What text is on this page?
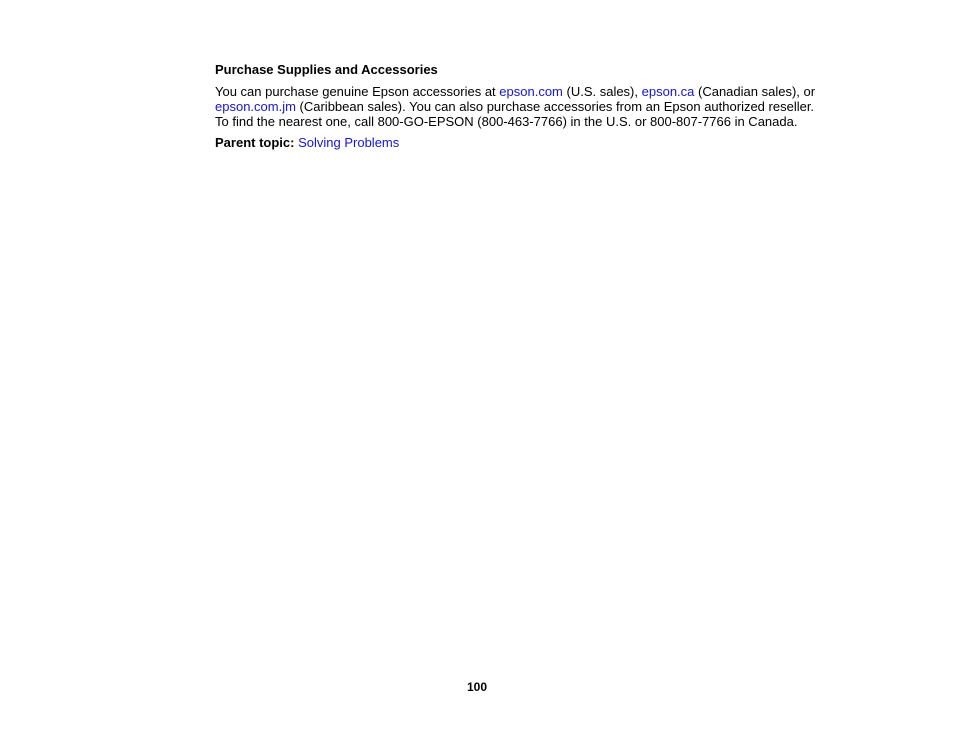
Purchase Supplies and Accessories
You can purchase genuine Epson accessories at epson.com (U.S. sales), epson.ca (Canadian sales), or
epson.com.jm (Caribbean sales). You can also purchase accessories from an Epson authorized reseller.
To find the nearest one, call 800-GO-EPSON (800-463-7766) in the U.S. or 800-807-7766 in Canada.
Parent topic: Solving Problems
100
